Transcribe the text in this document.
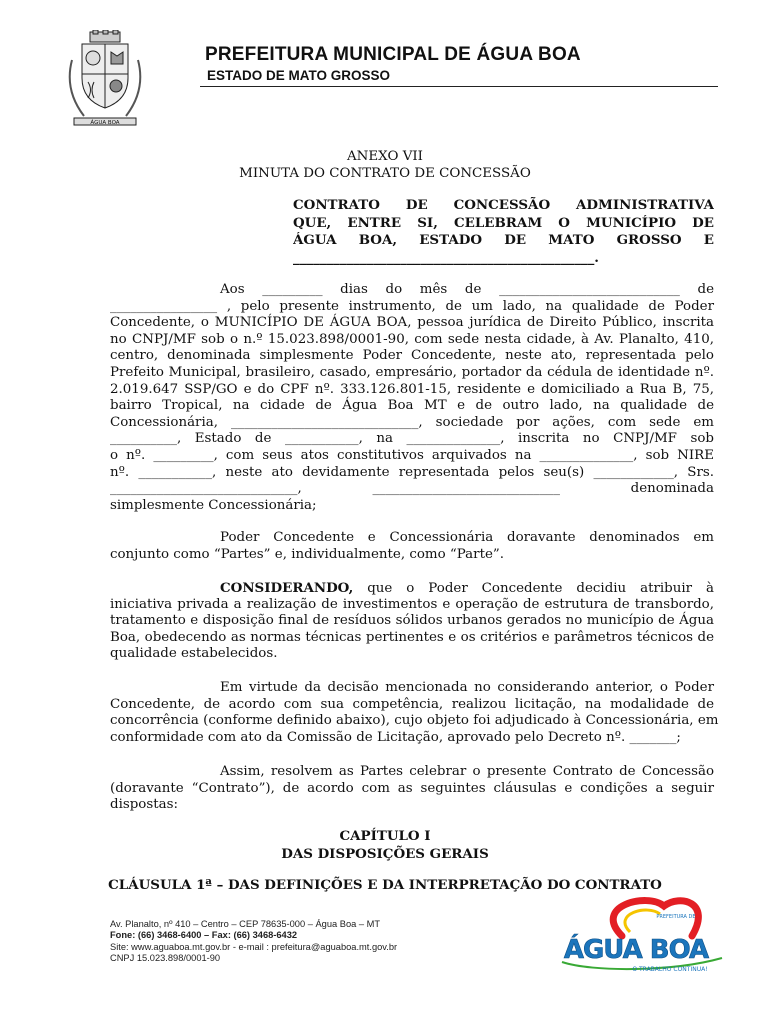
ÁGUA BOA
PREFEITURA MUNICIPAL DE ÁGUA BOA
ESTADO DE MATO GROSSO
ANEXO VII
MINUTA DO CONTRATO DE CONCESSÃO
CONTRATO DE CONCESSÃO ADMINISTRATIVA
QUE, ENTRE SI, CELEBRAM O MUNICÍPIO DE
ÁGUA BOA, ESTADO DE MATO GROSSO E
_____________________________________________.
Aos _________ dias do mês de ___________________________ de
________________ , pelo presente instrumento, de um lado, na qualidade de Poder
Concedente, o MUNICÍPIO DE ÁGUA BOA, pessoa jurídica de Direito Público, inscrita
no CNPJ/MF sob o n.º 15.023.898/0001-90, com sede nesta cidade, à Av. Planalto, 410,
centro, denominada simplesmente Poder Concedente, neste ato, representada pelo
Prefeito Municipal, brasileiro, casado, empresário, portador da cédula de identidade nº.
2.019.647 SSP/GO e do CPF nº. 333.126.801-15, residente e domiciliado a Rua B, 75,
bairro Tropical, na cidade de Água Boa MT e de outro lado, na qualidade de
Concessionária, ____________________________, sociedade por ações, com sede em
__________, Estado de ___________, na ______________, inscrita no CNPJ/MF sob
o nº. _________, com seus atos constitutivos arquivados na ______________, sob NIRE
nº. ___________, neste ato devidamente representada pelos seu(s) ____________, Srs.
____________________________, ____________________________ denominada
simplesmente Concessionária;
Poder Concedente e Concessionária doravante denominados em
conjunto como “Partes” e, individualmente, como “Parte”.
CONSIDERANDO, que o Poder Concedente decidiu atribuir à
iniciativa privada a realização de investimentos e operação de estrutura de transbordo,
tratamento e disposição final de resíduos sólidos urbanos gerados no município de Água
Boa, obedecendo as normas técnicas pertinentes e os critérios e parâmetros técnicos de
qualidade estabelecidos.
Em virtude da decisão mencionada no considerando anterior, o Poder
Concedente, de acordo com sua competência, realizou licitação, na modalidade de
concorrência (conforme definido abaixo), cujo objeto foi adjudicado à Concessionária, em
conformidade com ato da Comissão de Licitação, aprovado pelo Decreto nº. _______;
Assim, resolvem as Partes celebrar o presente Contrato de Concessão
(doravante “Contrato”), de acordo com as seguintes cláusulas e condições a seguir
dispostas:
CAPÍTULO I
DAS DISPOSIÇÕES GERAIS
CLÁUSULA 1ª – DAS DEFINIÇÕES E DA INTERPRETAÇÃO DO CONTRATO
Av. Planalto, nº 410 – Centro – CEP 78635-000 – Água Boa – MT
Fone: (66) 3468-6400 – Fax: (66) 3468-6432
Site: www.aguaboa.mt.gov.br - e-mail : prefeitura@aguaboa.mt.gov.br
CNPJ 15.023.898/0001-90
PREFEITURA DE
ÁGUA BOA
O TRABALHO CONTINUA!
